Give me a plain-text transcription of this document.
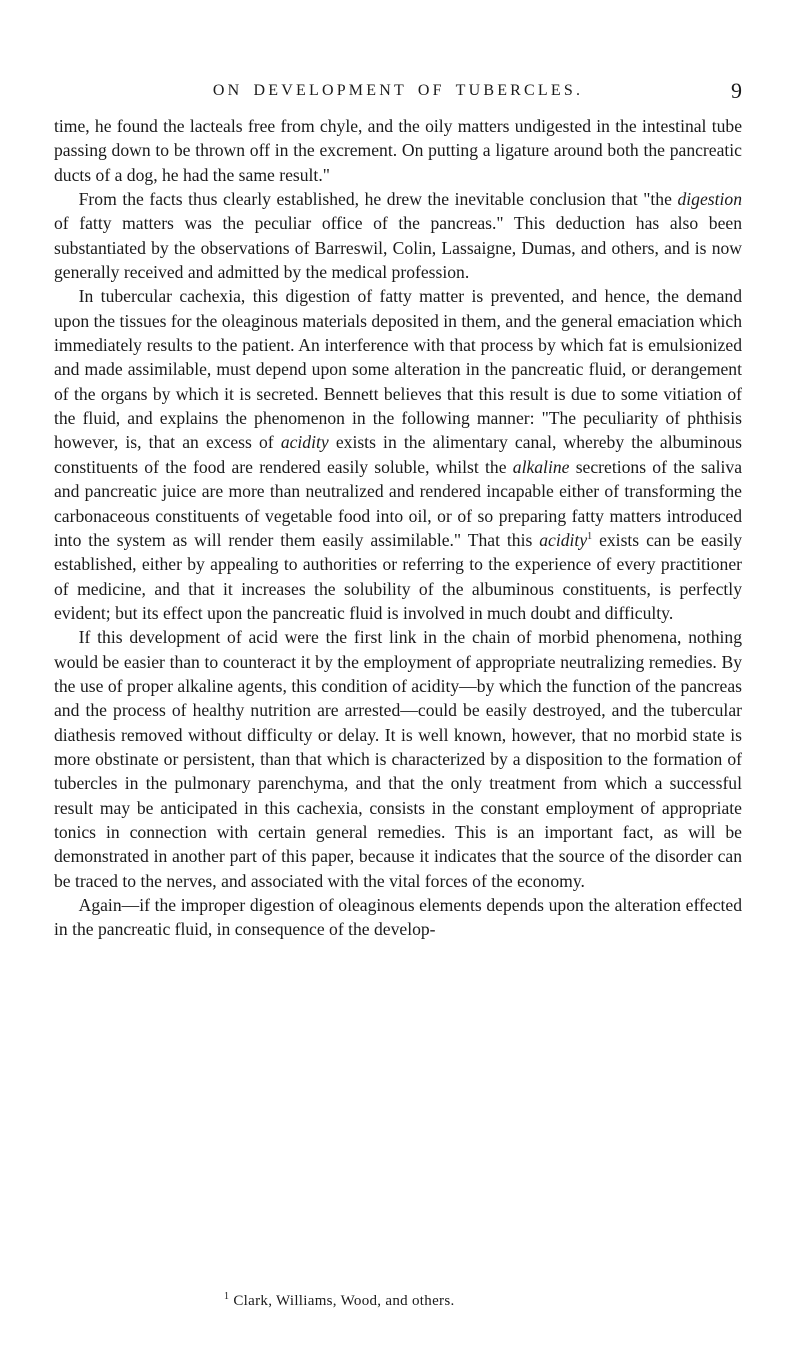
ON DEVELOPMENT OF TUBERCLES.	9

time, he found the lacteals free from chyle, and the oily matters undigested in the intestinal tube passing down to be thrown off in the excrement. On putting a ligature around both the pancreatic ducts of a dog, he had the same result."

From the facts thus clearly established, he drew the inevitable conclusion that "the digestion of fatty matters was the peculiar office of the pancreas." This deduction has also been substantiated by the observations of Barreswil, Colin, Lassaigne, Dumas, and others, and is now generally received and admitted by the medical profession.

In tubercular cachexia, this digestion of fatty matter is prevented, and hence, the demand upon the tissues for the oleaginous materials deposited in them, and the general emaciation which immediately results to the patient. An interference with that process by which fat is emulsionized and made assimilable, must depend upon some alteration in the pancreatic fluid, or derangement of the organs by which it is secreted. Bennett believes that this result is due to some vitiation of the fluid, and explains the phenomenon in the following manner: "The peculiarity of phthisis however, is, that an excess of acidity exists in the alimentary canal, whereby the albuminous constituents of the food are rendered easily soluble, whilst the alkaline secretions of the saliva and pancreatic juice are more than neutralized and rendered incapable either of transforming the carbonaceous constituents of vegetable food into oil, or of so preparing fatty matters introduced into the system as will render them easily assimilable." That this acidity$^1$ exists can be easily established, either by appealing to authorities or referring to the experience of every practitioner of medicine, and that it increases the solubility of the albuminous constituents, is perfectly evident; but its effect upon the pancreatic fluid is involved in much doubt and difficulty.

If this development of acid were the first link in the chain of morbid phenomena, nothing would be easier than to counteract it by the employment of appropriate neutralizing remedies. By the use of proper alkaline agents, this condition of acidity—by which the function of the pancreas and the process of healthy nutrition are arrested—could be easily destroyed, and the tubercular diathesis removed without difficulty or delay. It is well known, however, that no morbid state is more obstinate or persistent, than that which is characterized by a disposition to the formation of tubercles in the pulmonary parenchyma, and that the only treatment from which a successful result may be anticipated in this cachexia, consists in the constant employment of appropriate tonics in connection with certain general remedies. This is an important fact, as will be demonstrated in another part of this paper, because it indicates that the source of the disorder can be traced to the nerves, and associated with the vital forces of the economy.

Again—if the improper digestion of oleaginous elements depends upon the alteration effected in the pancreatic fluid, in consequence of the develop-

$^1$ Clark, Williams, Wood, and others.
